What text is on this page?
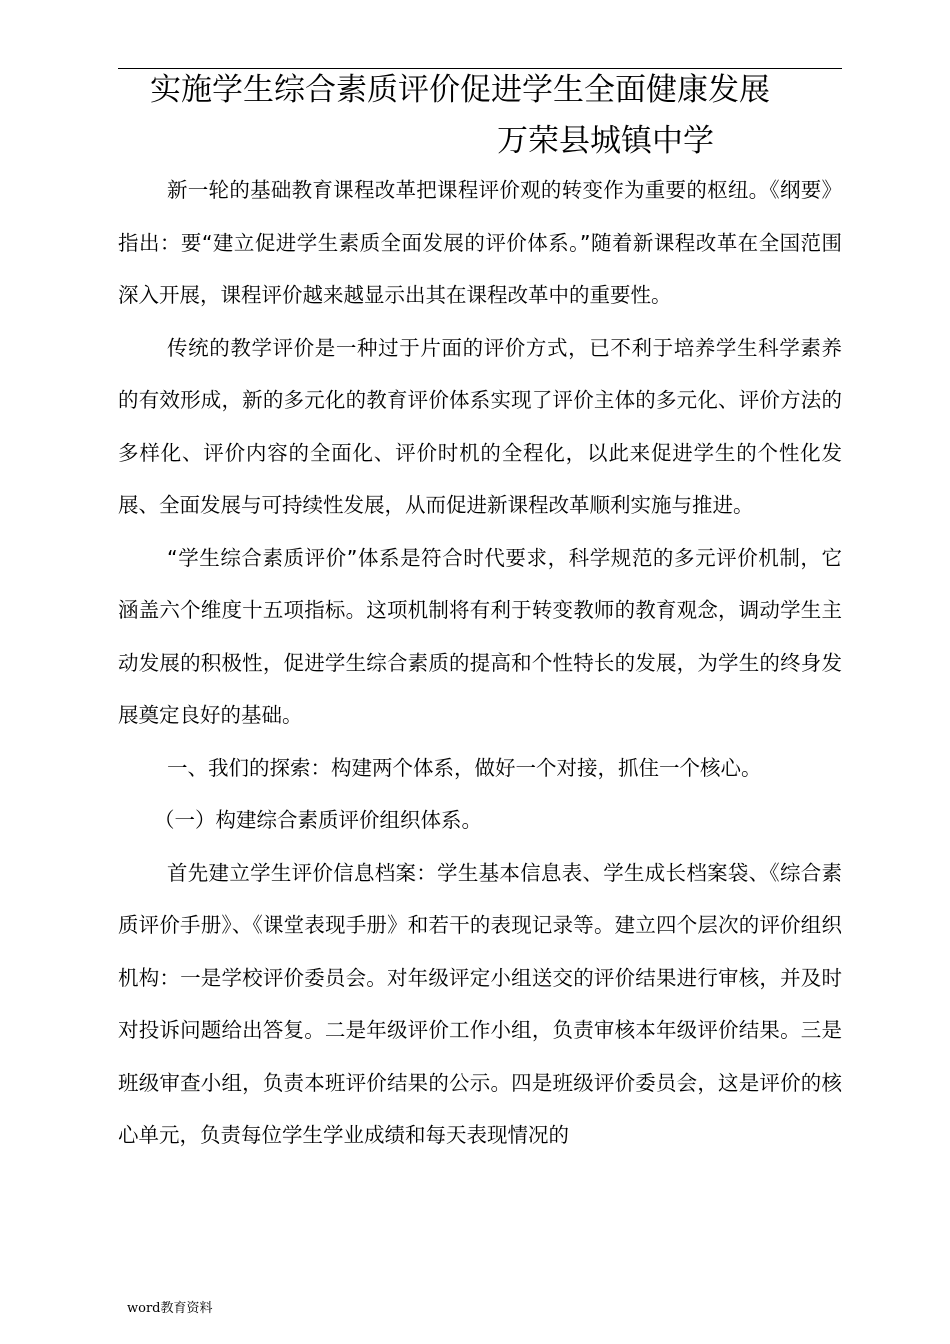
实施学生综合素质评价促进学生全面健康发展
万荣县城镇中学

新一轮的基础教育课程改革把课程评价观的转变作为重要的枢纽。《纲要》指出：要“建立促进学生素质全面发展的评价体系。”随着新课程改革在全国范围深入开展，课程评价越来越显示出其在课程改革中的重要性。

传统的教学评价是一种过于片面的评价方式，已不利于培养学生科学素养的有效形成，新的多元化的教育评价体系实现了评价主体的多元化、评价方法的多样化、评价内容的全面化、评价时机的全程化，以此来促进学生的个性化发展、全面发展与可持续性发展，从而促进新课程改革顺利实施与推进。

“学生综合素质评价”体系是符合时代要求，科学规范的多元评价机制，它涵盖六个维度十五项指标。这项机制将有利于转变教师的教育观念，调动学生主动发展的积极性，促进学生综合素质的提高和个性特长的发展，为学生的终身发展奠定良好的基础。

一、我们的探索：构建两个体系，做好一个对接，抓住一个核心。

（一）构建综合素质评价组织体系。

首先建立学生评价信息档案：学生基本信息表、学生成长档案袋、《综合素质评价手册》、《课堂表现手册》和若干的表现记录等。建立四个层次的评价组织机构：一是学校评价委员会。对年级评定小组送交的评价结果进行审核，并及时对投诉问题给出答复。二是年级评价工作小组，负责审核本年级评价结果。三是班级审查小组，负责本班评价结果的公示。四是班级评价委员会，这是评价的核心单元，负责每位学生学业成绩和每天表现情况的

word教育资料
